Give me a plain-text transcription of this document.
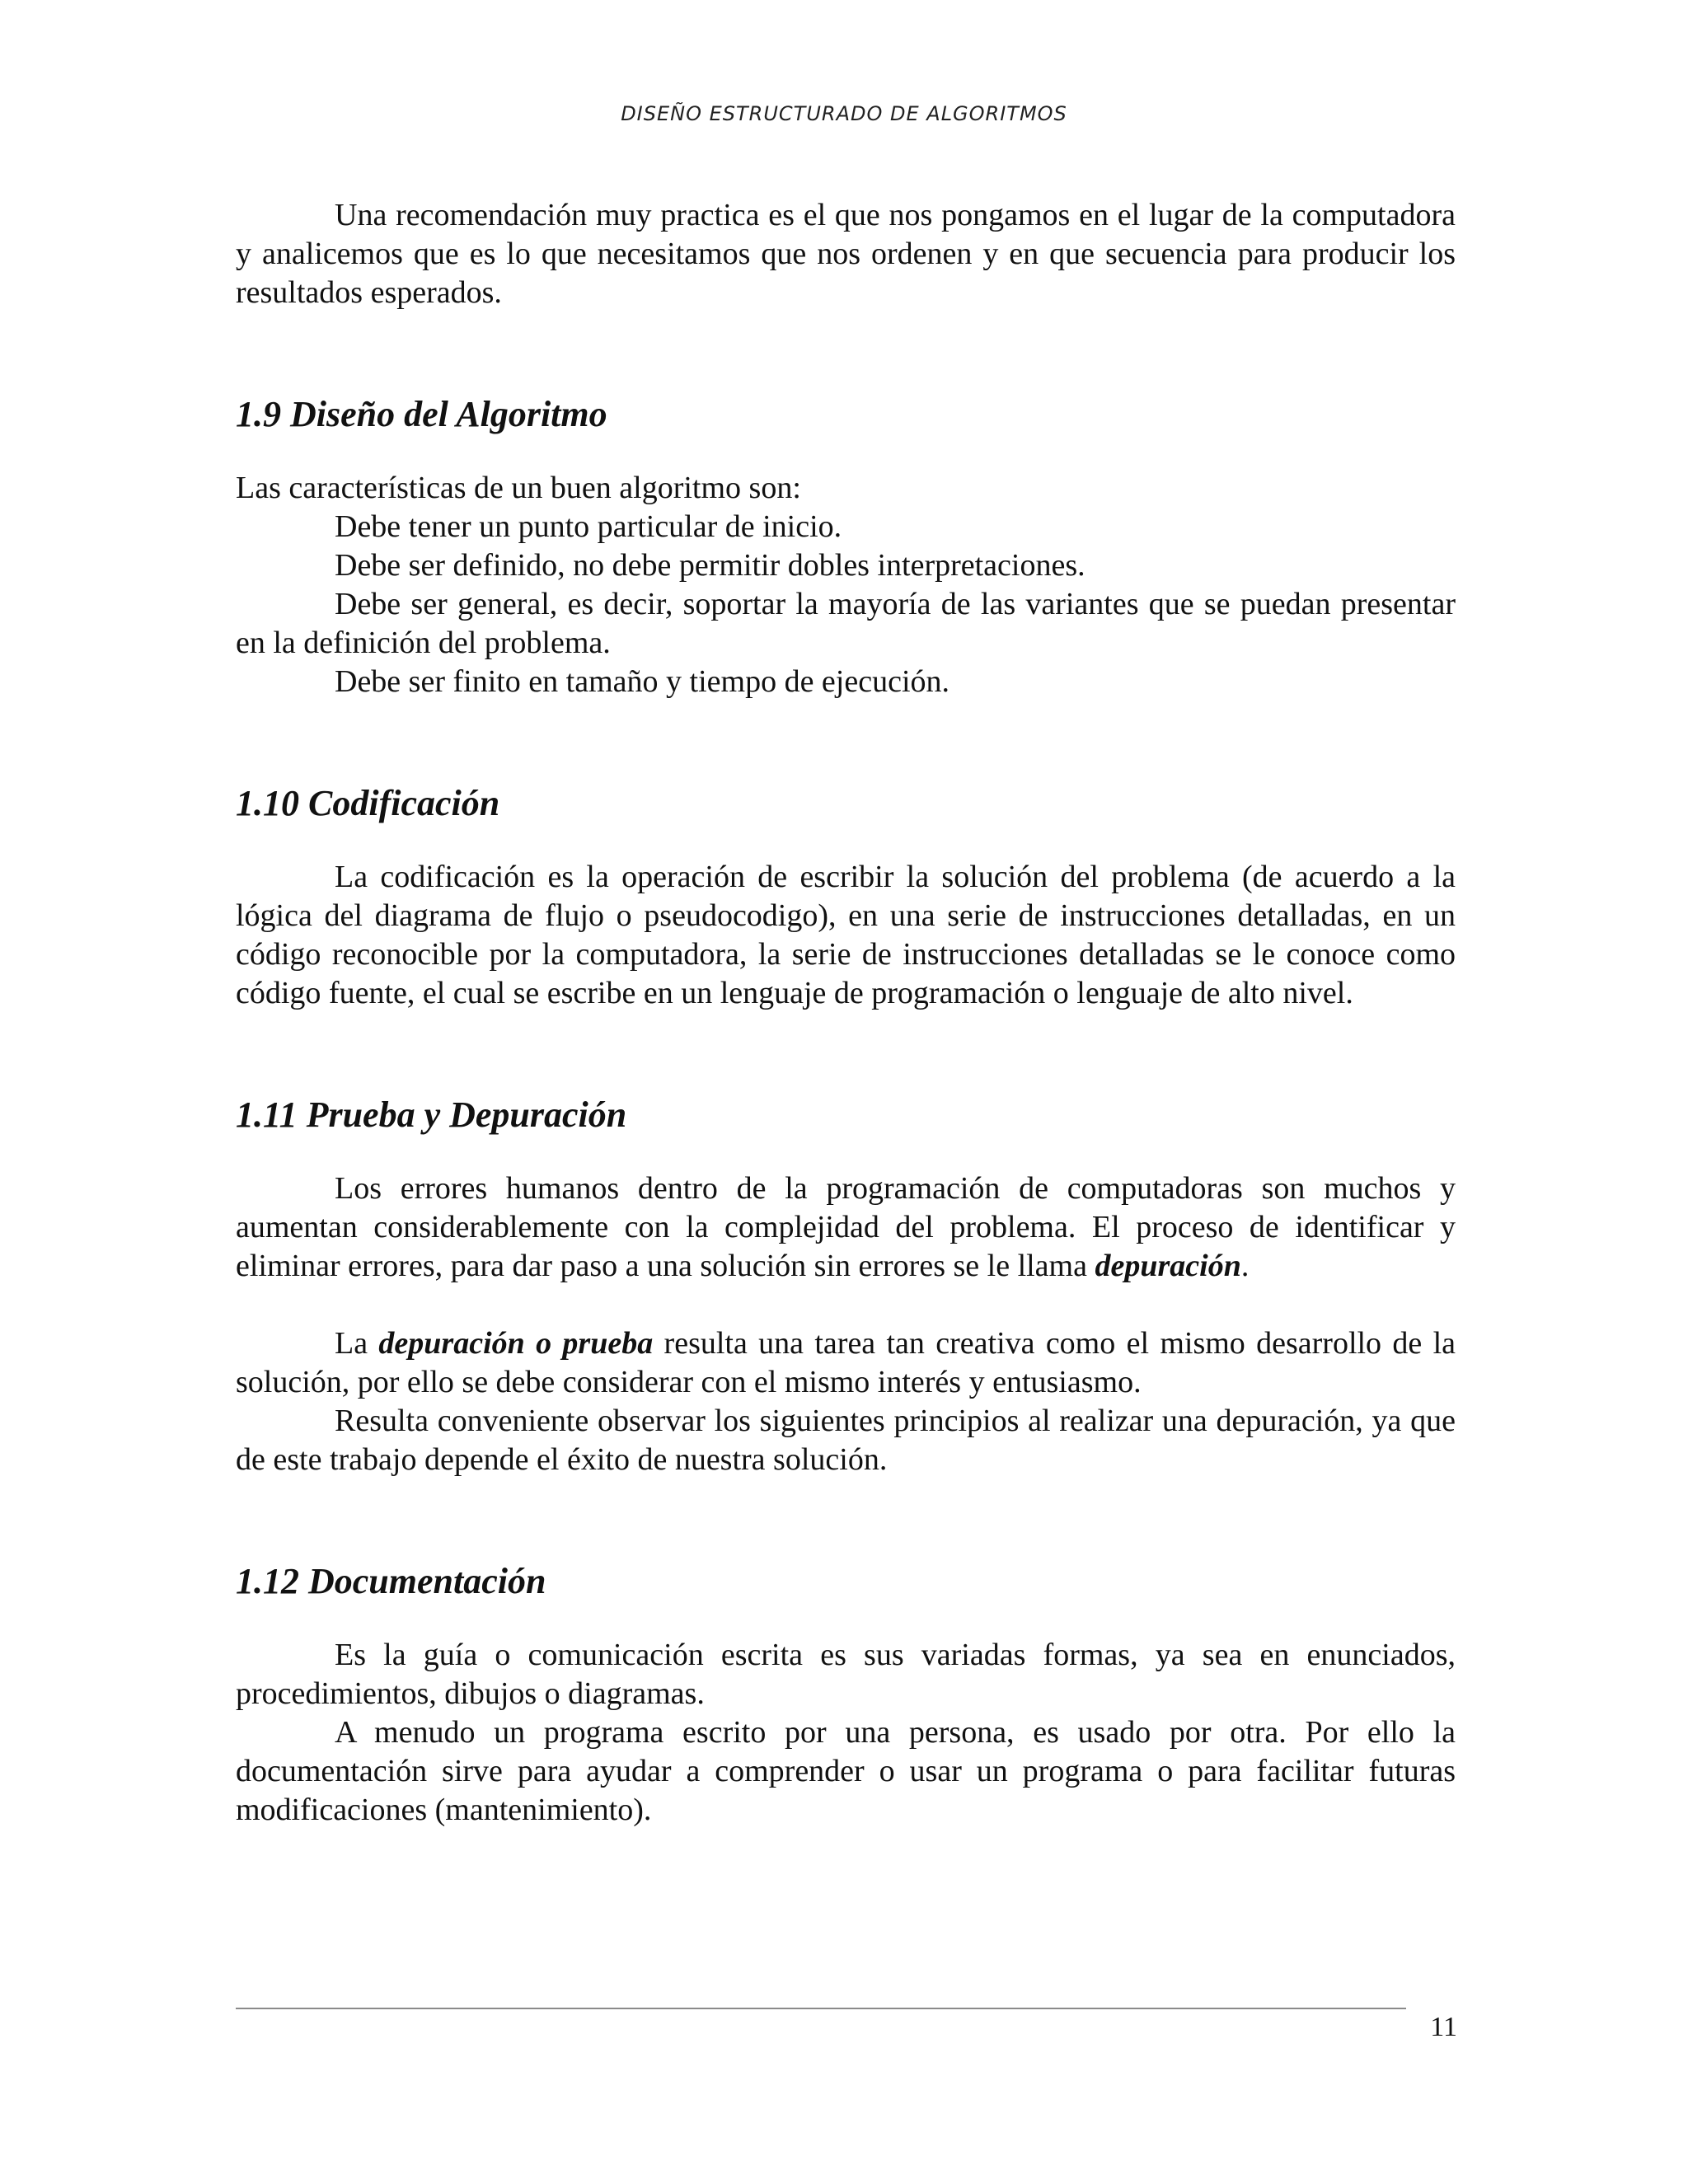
DISEÑO ESTRUCTURADO DE ALGORITMOS

Una recomendación muy practica es el que nos pongamos en el lugar de la computadora y analicemos que es lo que necesitamos que nos ordenen y en que secuencia para producir los resultados esperados.

1.9 Diseño del Algoritmo

Las características de un buen algoritmo son:

Debe tener un punto particular de inicio.

Debe ser definido, no debe permitir dobles interpretaciones.

Debe ser general, es decir, soportar la mayoría de las variantes que se puedan presentar en la definición del problema.

Debe ser finito en tamaño y tiempo de ejecución.

1.10 Codificación

La codificación es la operación de escribir la solución del problema (de acuerdo a la lógica del diagrama de flujo o pseudocodigo), en una serie de instrucciones detalladas, en un código reconocible por la computadora, la serie de instrucciones detalladas se le conoce como código fuente, el cual se escribe en un lenguaje de programación o lenguaje de alto nivel.

1.11 Prueba y Depuración

Los errores humanos dentro de la programación de computadoras son muchos y aumentan considerablemente con la complejidad del problema. El proceso de identificar y eliminar errores, para dar paso a una solución sin errores se le llama depuración.

La depuración o prueba resulta una tarea tan creativa como el mismo desarrollo de la solución, por ello se debe considerar con el mismo interés y entusiasmo.

Resulta conveniente observar los siguientes principios al realizar una depuración, ya que de este trabajo depende el éxito de nuestra solución.

1.12 Documentación

Es la guía o comunicación escrita es sus variadas formas, ya sea en enunciados, procedimientos, dibujos o diagramas.

A menudo un programa escrito por una persona, es usado por otra. Por ello la documentación sirve para ayudar a comprender o usar un programa o para facilitar futuras modificaciones (mantenimiento).

11
